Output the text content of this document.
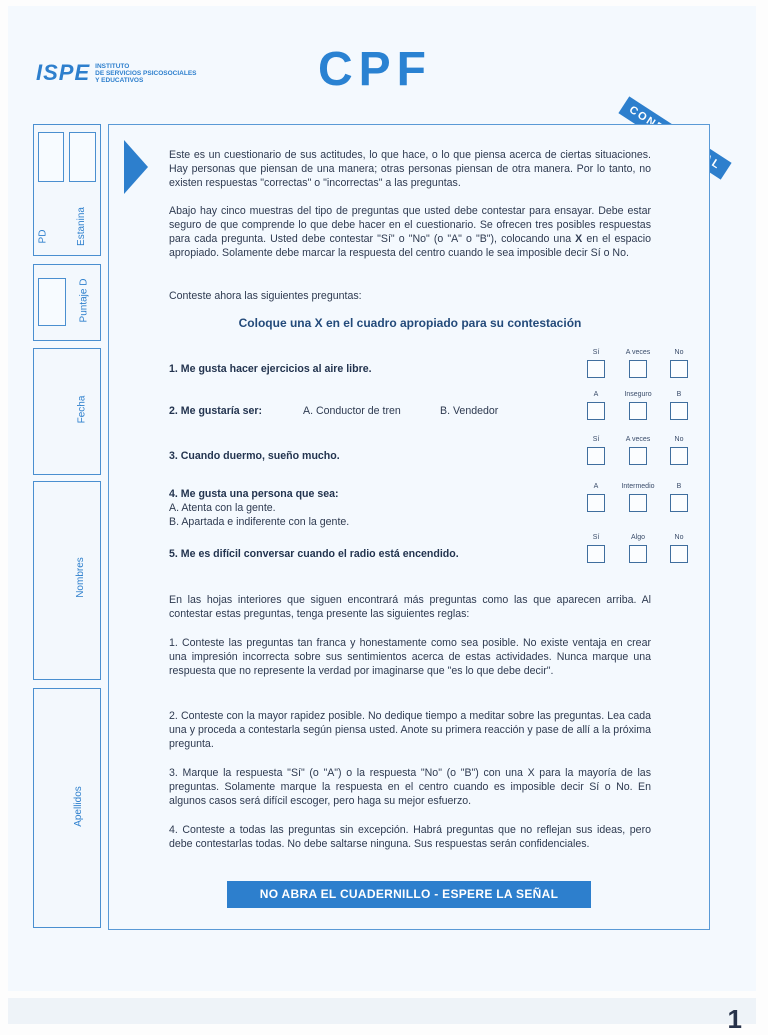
1
ISPE INSTITUTO
DE SERVICIOS PSICOSOCIALES
Y EDUCATIVOS	CPF
PD	Estanina
Puntaje D
Fecha
Nombres
Apellidos
Este es un cuestionario de sus actitudes, lo que hace, o lo que piensa acerca de ciertas situaciones. Hay personas que piensan de una manera; otras personas piensan de otra manera. Por lo tanto, no existen respuestas "correctas" o "incorrectas" a las preguntas.
Abajo hay cinco muestras del tipo de preguntas que usted debe contestar para ensayar. Debe estar seguro de que comprende lo que debe hacer en el cuestionario. Se ofrecen tres posibles respuestas para cada pregunta. Usted debe contestar "Sí" o "No" (o "A" o "B"), colocando una X en el espacio apropiado. Solamente debe marcar la respuesta del centro cuando le sea imposible decir Sí o No.
Conteste ahora las siguientes preguntas:
Coloque una X en el cuadro apropiado para su contestación
1. Me gusta hacer ejercicios al aire libre.
Sí	A veces	No
2. Me gustaría ser:	A. Conductor de tren	B. Vendedor
A	Inseguro	B
3. Cuando duermo, sueño mucho.
Sí	A veces	No
4. Me gusta una persona que sea:
A. Atenta con la gente.
B. Apartada e indiferente con la gente.
A	Intermedio	B
5. Me es difícil conversar cuando el radio está encendido.
Sí	Algo	No
En las hojas interiores que siguen encontrará más preguntas como las que aparecen arriba. Al contestar estas preguntas, tenga presente las siguientes reglas:
1. Conteste las preguntas tan franca y honestamente como sea posible. No existe ventaja en crear una impresión incorrecta sobre sus sentimientos acerca de estas actividades. Nunca marque una respuesta que no represente la verdad por imaginarse que "es lo que debe decir".
2. Conteste con la mayor rapidez posible. No dedique tiempo a meditar sobre las preguntas. Lea cada una y proceda a contestarla según piensa usted. Anote su primera reacción y pase de allí a la próxima pregunta.
3. Marque la respuesta "Sí" (o "A") o la respuesta "No" (o "B") con una X para la mayoría de las preguntas. Solamente marque la respuesta en el centro cuando es imposible decir Sí o No. En algunos casos será difícil escoger, pero haga su mejor esfuerzo.
4. Conteste a todas las preguntas sin excepción. Habrá preguntas que no reflejan sus ideas, pero debe contestarlas todas. No debe saltarse ninguna. Sus respuestas serán confidenciales.
NO ABRA EL CUADERNILLO - ESPERE LA SEÑAL
